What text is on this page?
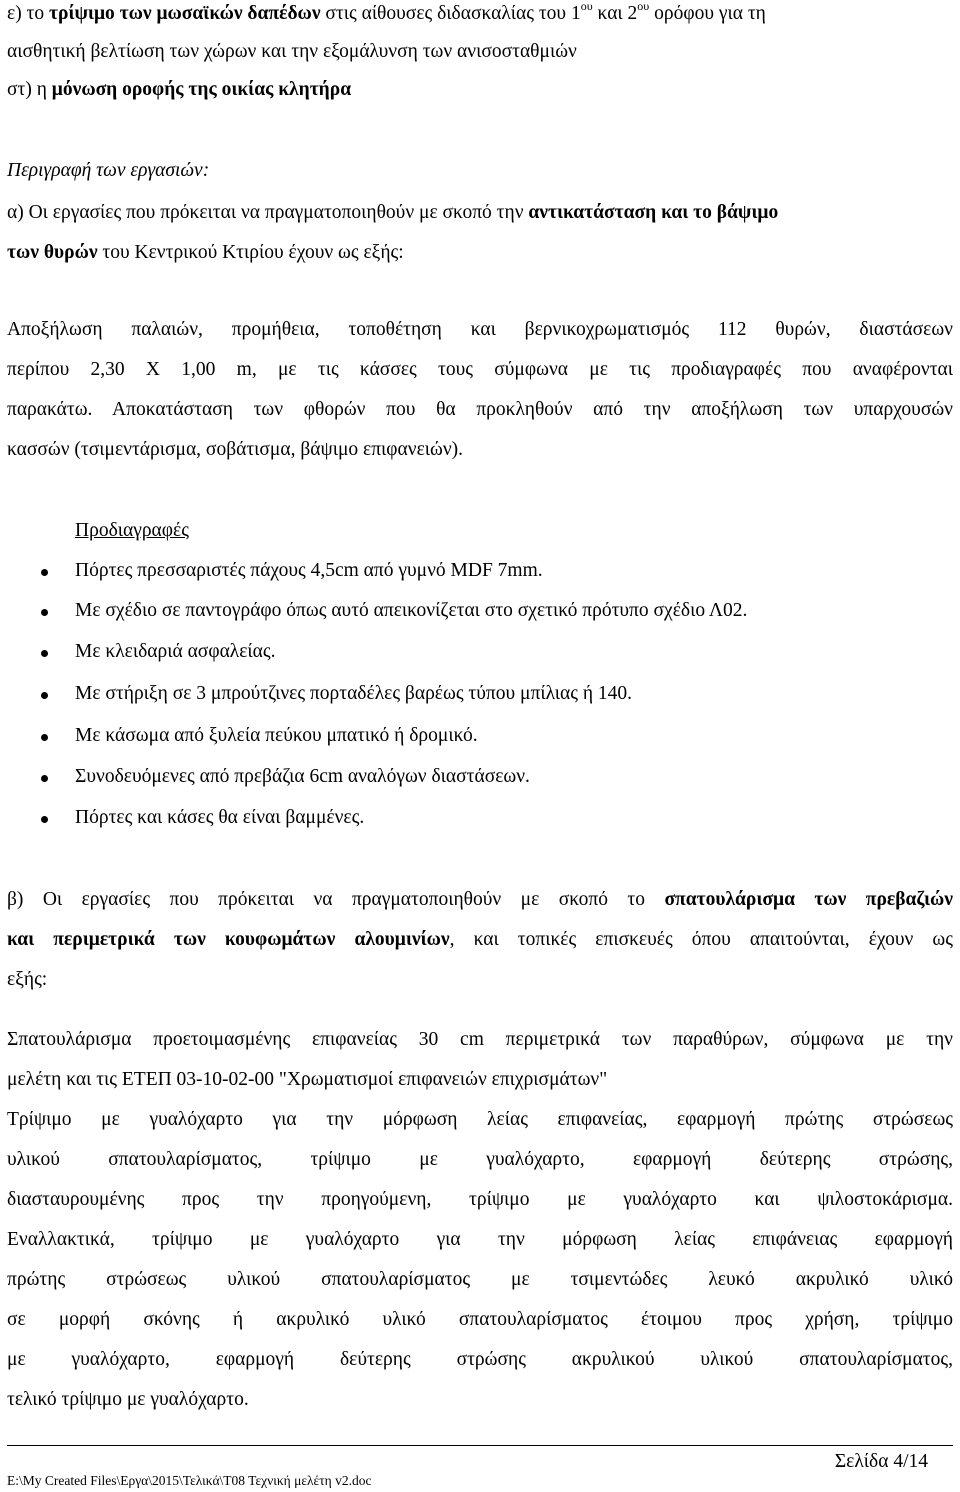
ε) το τρίψιμο των μωσαϊκών δαπέδων στις αίθουσες διδασκαλίας του $1^{o\upsilon}$ και $2^{o\upsilon}$ ορόφου για τη
αισθητική βελτίωση των χώρων και την εξομάλυνση των ανισοσταθμιών
στ) η μόνωση οροφής της οικίας κλητήρα
Περιγραφή των εργασιών:
α) Οι εργασίες που πρόκειται να πραγματοποιηθούν με σκοπό την αντικατάσταση και το βάψιμο
των θυρών του Κεντρικού Κτιρίου έχουν ως εξής:
Αποξήλωση παλαιών, προμήθεια, τοποθέτηση και βερνικοχρωματισμός 112 θυρών, διαστάσεων
περίπου 2,30 Χ 1,00 m, με τις κάσσες τους σύμφωνα με τις προδιαγραφές που αναφέρονται
παρακάτω. Αποκατάσταση των φθορών που θα προκληθούν από την αποξήλωση των υπαρχουσών
κασσών (τσιμεντάρισμα, σοβάτισμα, βάψιμο επιφανειών).
Προδιαγραφές
Πόρτες πρεσσαριστές πάχους 4,5cm από γυμνό MDF 7mm.
Με σχέδιο σε παντογράφο όπως αυτό απεικονίζεται στο σχετικό πρότυπο σχέδιο Λ02.
Με κλειδαριά ασφαλείας.
Με στήριξη σε 3 μπρούτζινες πορταδέλες βαρέως τύπου μπίλιας ή 140.
Με κάσωμα από ξυλεία πεύκου μπατικό ή δρομικό.
Συνοδευόμενες από πρεβάζια 6cm αναλόγων διαστάσεων.
Πόρτες και κάσες θα είναι βαμμένες.
β) Οι εργασίες που πρόκειται να πραγματοποιηθούν με σκοπό το σπατουλάρισμα των πρεβαζιών
και περιμετρικά των κουφωμάτων αλουμινίων, και τοπικές επισκευές όπου απαιτούνται, έχουν ως
εξής:
Σπατουλάρισμα προετοιμασμένης επιφανείας 30 cm περιμετρικά των παραθύρων, σύμφωνα με την
μελέτη και τις ΕΤΕΠ 03-10-02-00 "Χρωματισμοί επιφανειών επιχρισμάτων"
Τρίψιμο με γυαλόχαρτο για την μόρφωση λείας επιφανείας, εφαρμογή πρώτης στρώσεως
υλικού σπατουλαρίσματος, τρίψιμο με γυαλόχαρτο, εφαρμογή δεύτερης στρώσης,
διασταυρουμένης προς την προηγούμενη, τρίψιμο με γυαλόχαρτο και ψιλοστοκάρισμα.
Εναλλακτικά, τρίψιμο με γυαλόχαρτο για την μόρφωση λείας επιφάνειας εφαρμογή
πρώτης στρώσεως υλικού σπατουλαρίσματος με τσιμεντώδες λευκό ακρυλικό υλικό
σε μορφή σκόνης ή ακρυλικό υλικό σπατουλαρίσματος έτοιμου προς χρήση, τρίψιμο
με γυαλόχαρτο, εφαρμογή δεύτερης στρώσης ακρυλικού υλικού σπατουλαρίσματος,
τελικό τρίψιμο με γυαλόχαρτο.
Σελίδα 4/14
E:\My Created Files\Εργα\2015\Τελικά\Τ08 Τεχνική μελέτη v2.doc
